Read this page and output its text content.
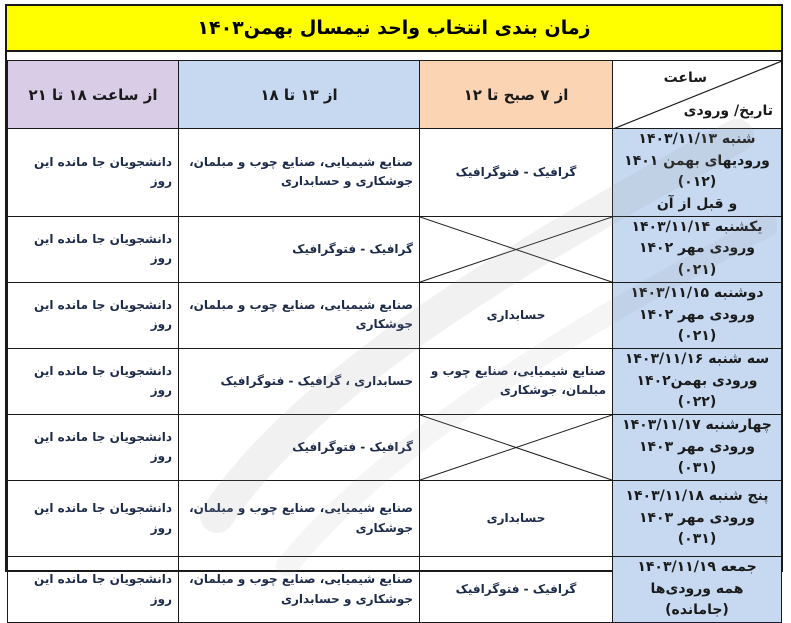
زمان بندی انتخاب واحد نیمسال بهمن۱۴۰۳
از ساعت ۱۸ تا ۲۱	از ۱۳ تا ۱۸	از ۷ صبح تا ۱۲	ساعت
تاریخ/ ورودی

دانشجویان جا مانده این روز	صنایع شیمیایی، صنایع چوب و مبلمان، جوشکاری و حسابداری	گرافیک - فتوگرافیک	شنبه ۱۴۰۳/۱۱/۱۳
ورودیهای بهمن ۱۴۰۱ (۰۱۲)
و قبل از آن

دانشجویان جا مانده این روز	گرافیک - فتوگرافیک		یکشنبه ۱۴۰۳/۱۱/۱۴
ورودی مهر ۱۴۰۲ (۰۲۱)

دانشجویان جا مانده این روز	صنایع شیمیایی، صنایع چوب و مبلمان، جوشکاری	حسابداری	دوشنبه ۱۴۰۳/۱۱/۱۵
ورودی مهر ۱۴۰۲ (۰۲۱)

دانشجویان جا مانده این روز	حسابداری ، گرافیک - فتوگرافیک	صنایع شیمیایی، صنایع چوب و مبلمان، جوشکاری	سه شنبه ۱۴۰۳/۱۱/۱۶
ورودی بهمن۱۴۰۲ (۰۲۲)

دانشجویان جا مانده این روز	گرافیک - فتوگرافیک		چهارشنبه ۱۴۰۳/۱۱/۱۷
ورودی مهر ۱۴۰۳ (۰۳۱)

دانشجویان جا مانده این روز	صنایع شیمیایی، صنایع چوب و مبلمان، جوشکاری	حسابداری	پنج شنبه ۱۴۰۳/۱۱/۱۸
ورودی مهر ۱۴۰۳ (۰۳۱)

دانشجویان جا مانده این روز	صنایع شیمیایی، صنایع چوب و مبلمان، جوشکاری و حسابداری	گرافیک - فتوگرافیک	جمعه ۱۴۰۳/۱۱/۱۹
همه ورودی‌ها (جامانده)
